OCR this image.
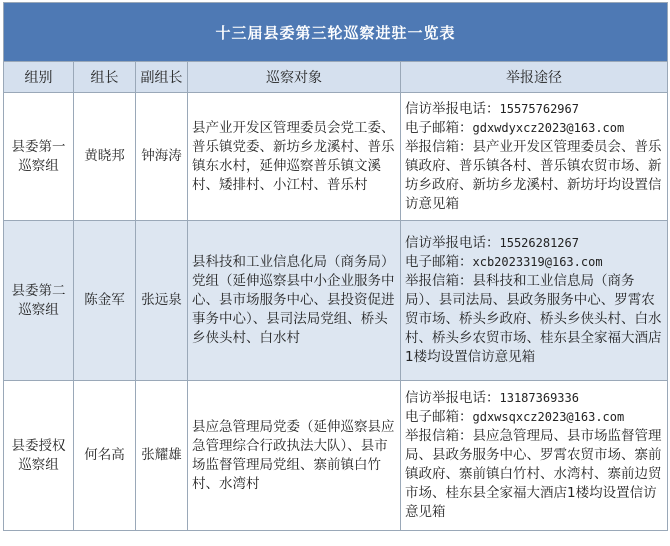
十三届县委第三轮巡察进驻一览表				
组别	组长	副组长	巡察对象	举报途径
县委第一巡察组	黄晓邦	钟海涛	县产业开发区管理委员会党工委、普乐镇党委、新坊乡龙溪村、普乐镇东水村，延伸巡察普乐镇文溪村、矮排村、小江村、普乐村	信访举报电话：15575762967
电子邮箱：gdxwdyxcz2023@163.com
举报信箱：县产业开发区管理委员会、普乐镇政府、普乐镇各村、普乐镇农贸市场、新坊乡政府、新坊乡龙溪村、新坊圩均设置信访意见箱

县委第二巡察组	陈金军	张远泉	县科技和工业信息化局（商务局）党组（延伸巡察县中小企业服务中心、县市场服务中心、县投资促进事务中心）、县司法局党组、桥头乡侠头村、白水村	信访举报电话：15526281267
电子邮箱：xcb2023319@163.com
举报信箱：县科技和工业信息局（商务局）、县司法局、县政务服务中心、罗霄农贸市场、桥头乡政府、桥头乡侠头村、白水村、桥头乡农贸市场、桂东县全家福大酒店1楼均设置信访意见箱

县委授权巡察组	何名高	张耀雄	县应急管理局党委（延伸巡察县应急管理综合行政执法大队）、县市场监督管理局党组、寨前镇白竹村、水湾村	信访举报电话：13187369336
电子邮箱：gdxwsqxcz2023@163.com
举报信箱：县应急管理局、县市场监督管理局、县政务服务中心、罗霄农贸市场、寨前镇政府、寨前镇白竹村、水湾村、寨前边贸市场、桂东县全家福大酒店1楼均设置信访意见箱
